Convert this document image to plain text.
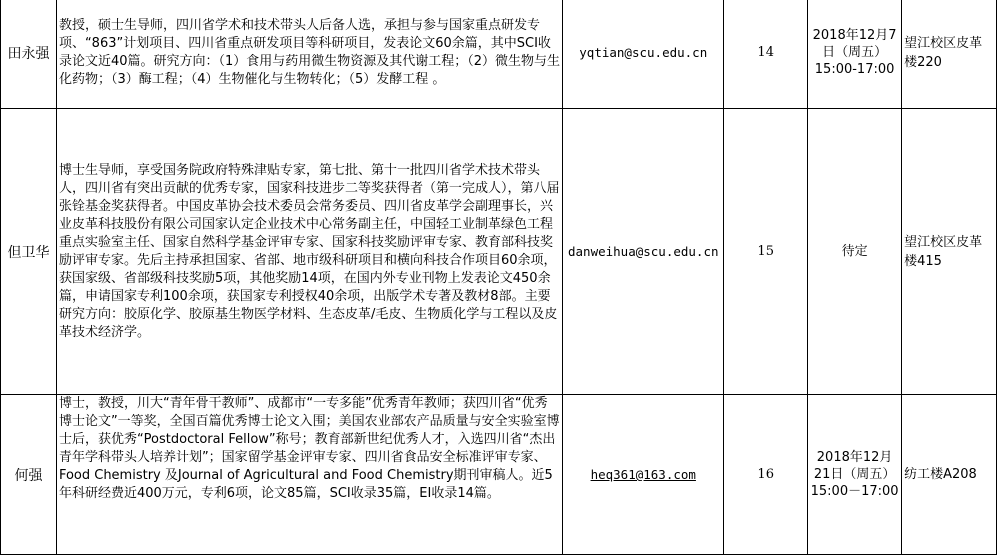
田永强	教授，硕士生导师，四川省学术和技术带头人后备人选，承担与参与国家重点研发专项、“863”计划项目、四川省重点研发项目等科研项目，发表论文60余篇，其中SCI收录论文近40篇。研究方向：（1）食用与药用微生物资源及其代谢工程；（2）微生物与生化药物；（3）酶工程；（4）生物催化与生物转化；（5）发酵工程 。	yqtian@scu.edu.cn	14	2018年12月7日（周五）15:00-17:00	望江校区皮革楼220
但卫华	博士生导师，享受国务院政府特殊津贴专家，第七批、第十一批四川省学术技术带头人，四川省有突出贡献的优秀专家，国家科技进步二等奖获得者（第一完成人），第八届张铨基金奖获得者。中国皮革协会技术委员会常务委员、四川省皮革学会副理事长，兴业皮革科技股份有限公司国家认定企业技术中心常务副主任，中国轻工业制革绿色工程重点实验室主任、国家自然科学基金评审专家、国家科技奖励评审专家、教育部科技奖励评审专家。先后主持承担国家、省部、地市级科研项目和横向科技合作项目60余项，获国家级、省部级科技奖励5项，其他奖励14项，在国内外专业刊物上发表论文450余篇，申请国家专利100余项，获国家专利授权40余项，出版学术专著及教材8部。主要研究方向：胶原化学、胶原基生物医学材料、生态皮革/毛皮、生物质化学与工程以及皮革技术经济学。	danweihua@scu.edu.cn	15	待定	望江校区皮革楼415
何强	博士，教授，川大“青年骨干教师”、成都市“一专多能”优秀青年教师；获四川省“优秀博士论文”一等奖，全国百篇优秀博士论文入围；美国农业部农产品质量与安全实验室博士后，获优秀“Postdoctoral Fellow”称号；教育部新世纪优秀人才，入选四川省“杰出青年学科带头人培养计划”；国家留学基金评审专家、四川省食品安全标准评审专家、Food Chemistry 及Journal of Agricultural and Food Chemistry期刊审稿人。近5年科研经费近400万元，专利6项，论文85篇，SCI收录35篇，EI收录14篇。	heq361@163.com	16	2018年12月21日（周五）15:00－17:00	纺工楼A208
